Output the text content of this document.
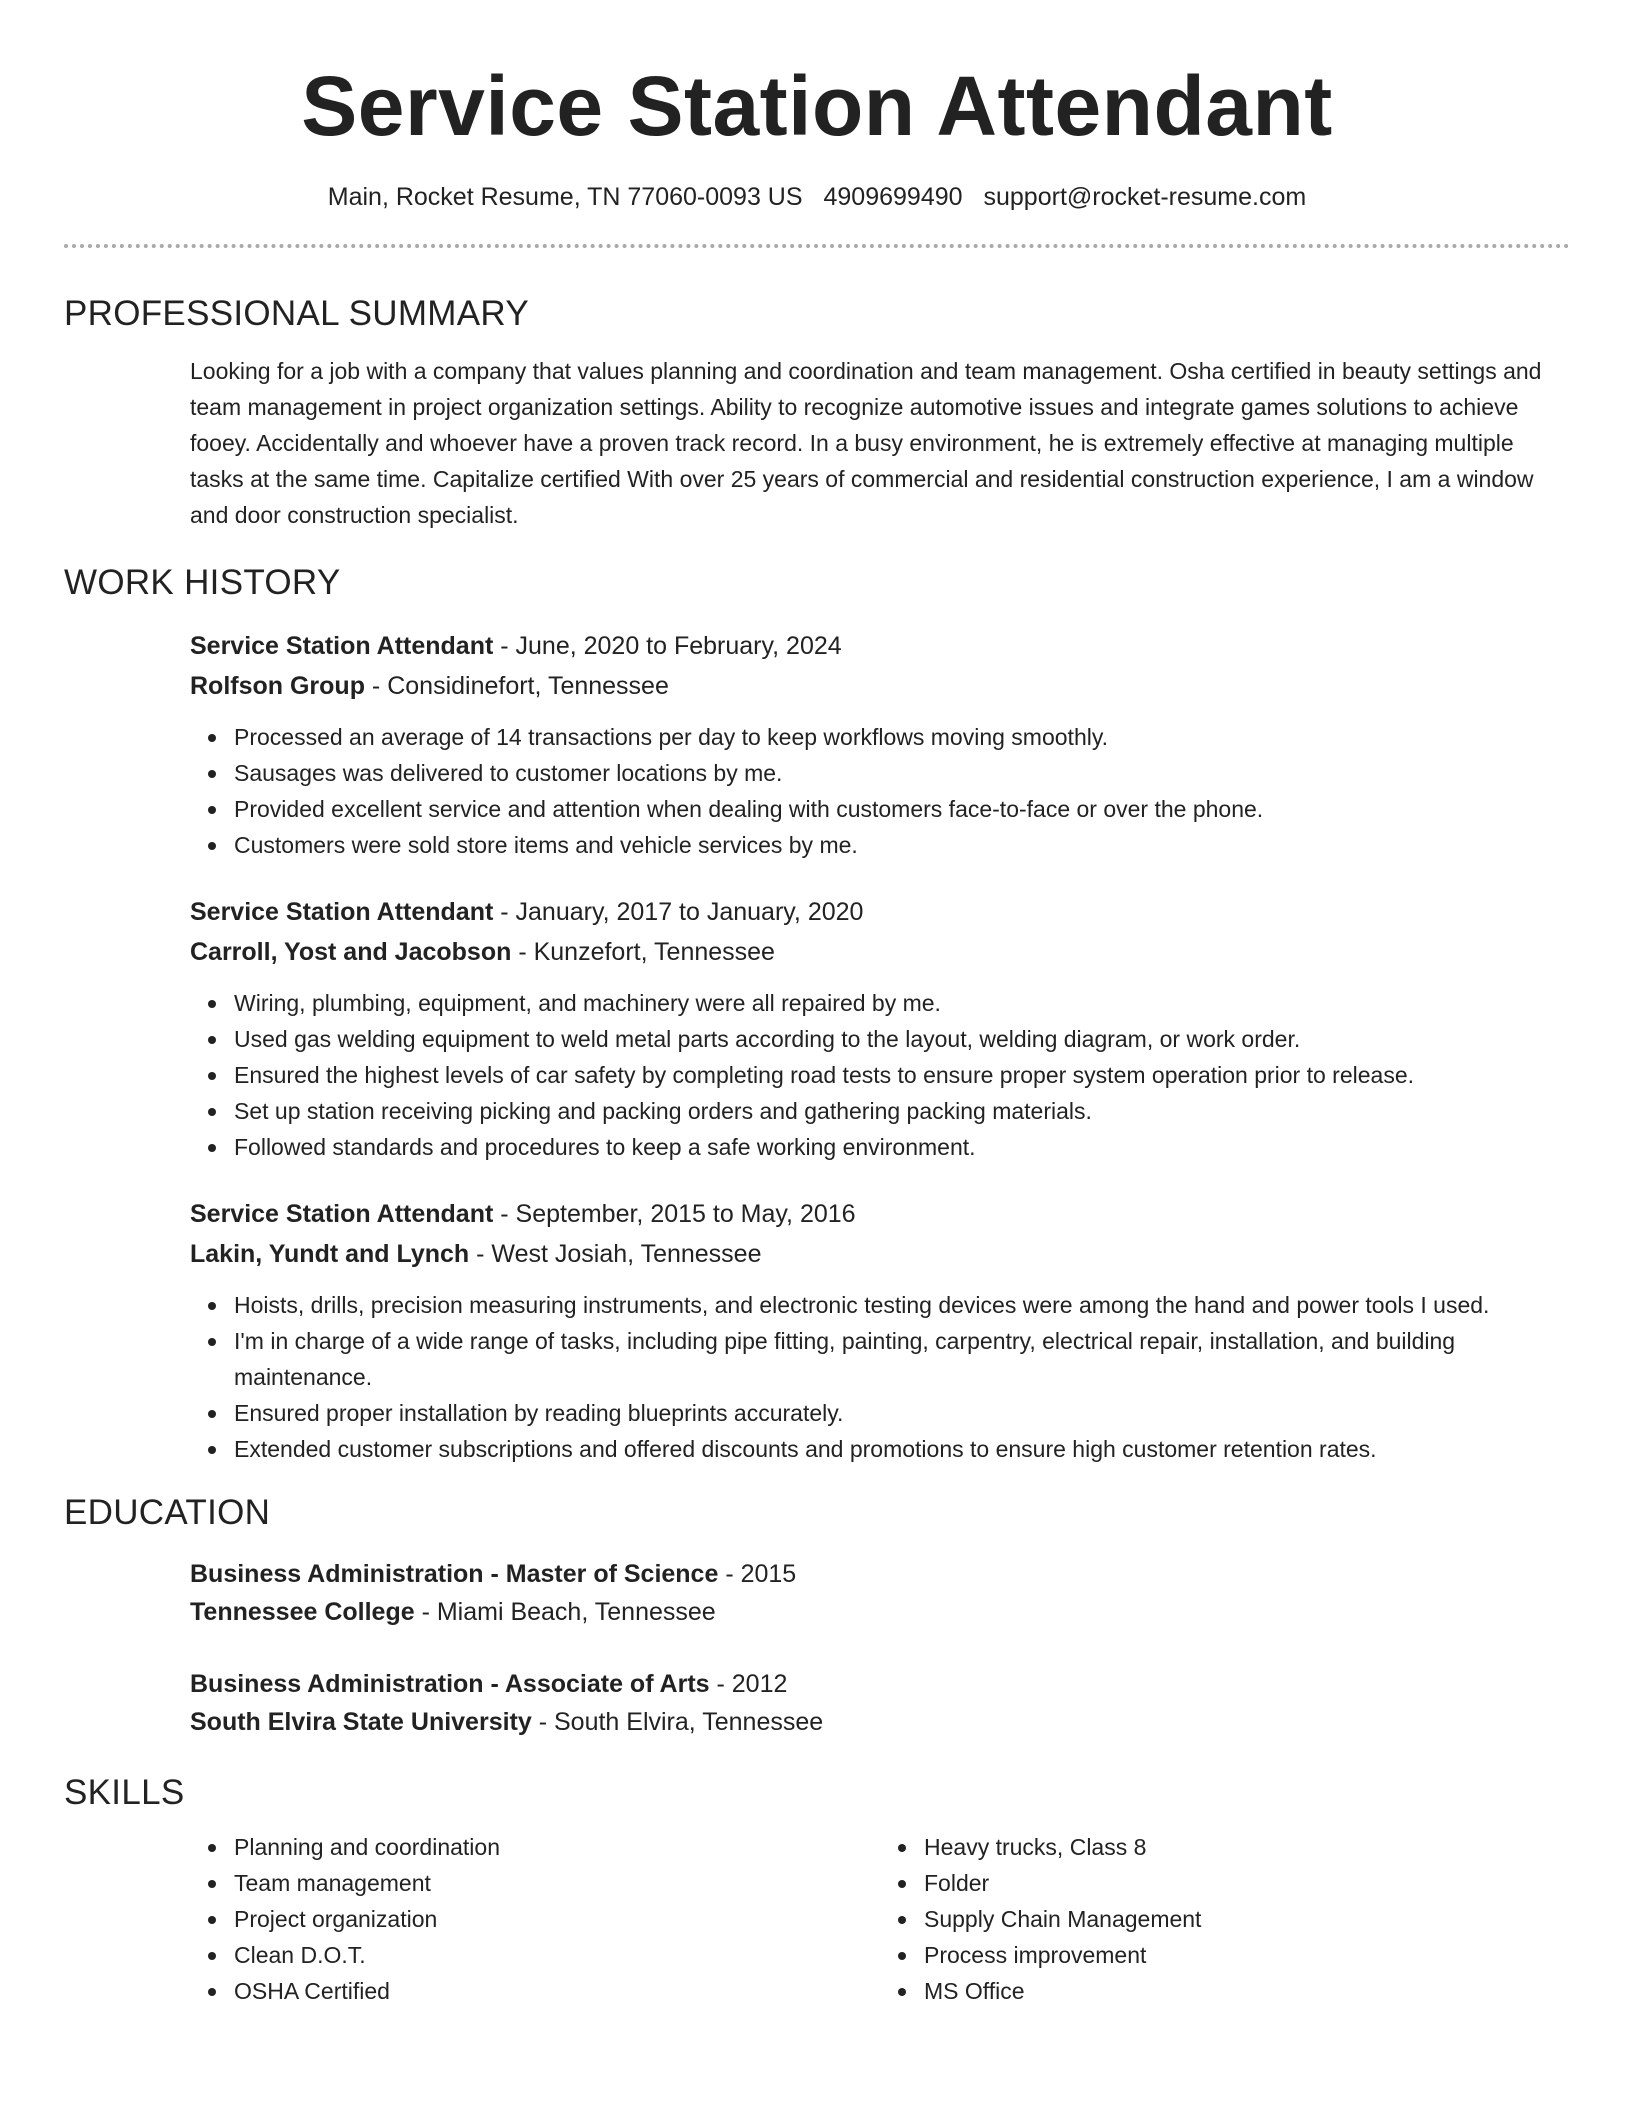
Service Station Attendant
Main, Rocket Resume, TN 77060-0093 US 4909699490 support@rocket-resume.com
PROFESSIONAL SUMMARY

Looking for a job with a company that values planning and coordination and team management. Osha certified in beauty settings and team management in project organization settings. Ability to recognize automotive issues and integrate games solutions to achieve fooey. Accidentally and whoever have a proven track record. In a busy environment, he is extremely effective at managing multiple tasks at the same time. Capitalize certified With over 25 years of commercial and residential construction experience, I am a window and door construction specialist.

WORK HISTORY

Service Station Attendant - June, 2020 to February, 2024

Rolfson Group - Considinefort, Tennessee

Processed an average of 14 transactions per day to keep workflows moving smoothly.
Sausages was delivered to customer locations by me.
Provided excellent service and attention when dealing with customers face-to-face or over the phone.
Customers were sold store items and vehicle services by me.

Service Station Attendant - January, 2017 to January, 2020

Carroll, Yost and Jacobson - Kunzefort, Tennessee

Wiring, plumbing, equipment, and machinery were all repaired by me.
Used gas welding equipment to weld metal parts according to the layout, welding diagram, or work order.
Ensured the highest levels of car safety by completing road tests to ensure proper system operation prior to release.
Set up station receiving picking and packing orders and gathering packing materials.
Followed standards and procedures to keep a safe working environment.

Service Station Attendant - September, 2015 to May, 2016

Lakin, Yundt and Lynch - West Josiah, Tennessee

Hoists, drills, precision measuring instruments, and electronic testing devices were among the hand and power tools I used.
I'm in charge of a wide range of tasks, including pipe fitting, painting, carpentry, electrical repair, installation, and building maintenance.
Ensured proper installation by reading blueprints accurately.
Extended customer subscriptions and offered discounts and promotions to ensure high customer retention rates.
EDUCATION

Business Administration - Master of Science - 2015

Tennessee College - Miami Beach, Tennessee

Business Administration - Associate of Arts - 2012

South Elvira State University - South Elvira, Tennessee

SKILLS
Planning and coordination
Team management
Project organization
Clean D.O.T.
OSHA Certified
Heavy trucks, Class 8
Folder
Supply Chain Management
Process improvement
MS Office
